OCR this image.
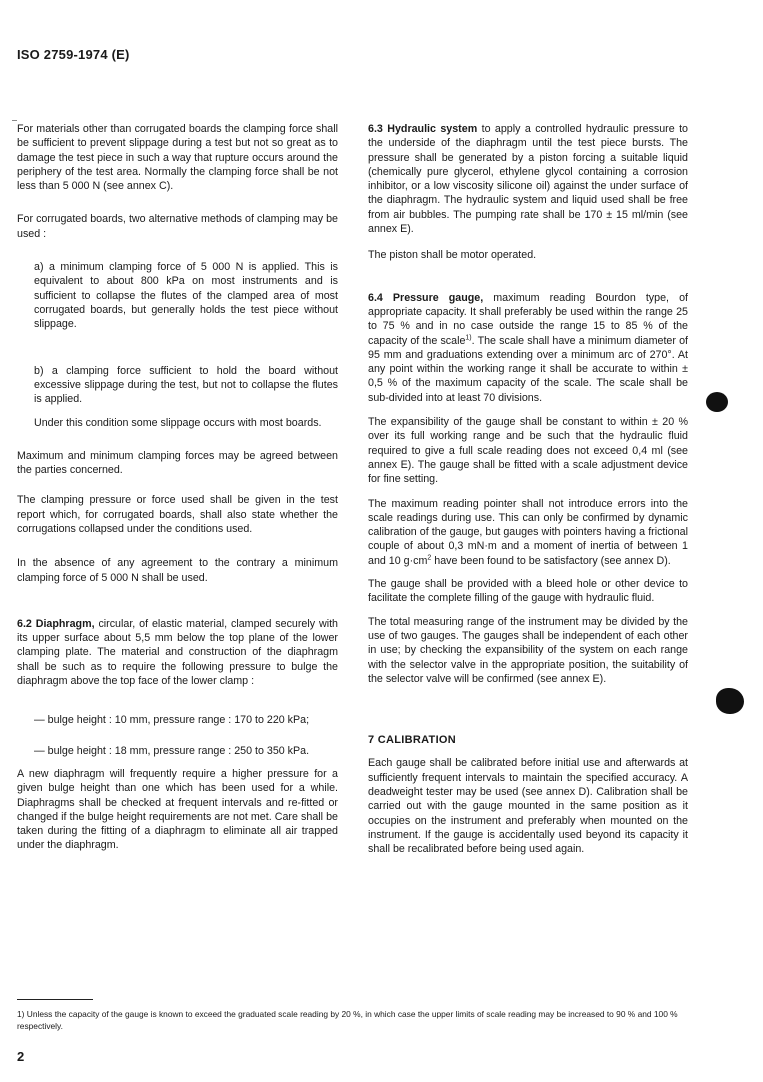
ISO 2759-1974 (E)

For materials other than corrugated boards the clamping force shall be sufficient to prevent slippage during a test but not so great as to damage the test piece in such a way that rupture occurs around the periphery of the test area. Normally the clamping force shall be not less than 5 000 N (see annex C).

For corrugated boards, two alternative methods of clamping may be used :

a) a minimum clamping force of 5 000 N is applied. This is equivalent to about 800 kPa on most instruments and is sufficient to collapse the flutes of the clamped area of most corrugated boards, but generally holds the test piece without slippage.

b) a clamping force sufficient to hold the board without excessive slippage during the test, but not to collapse the flutes is applied.

Under this condition some slippage occurs with most boards.

Maximum and minimum clamping forces may be agreed between the parties concerned.

The clamping pressure or force used shall be given in the test report which, for corrugated boards, shall also state whether the corrugations collapsed under the conditions used.

In the absence of any agreement to the contrary a minimum clamping force of 5 000 N shall be used.

6.2 Diaphragm, circular, of elastic material, clamped securely with its upper surface about 5,5 mm below the top plane of the lower clamping plate. The material and construction of the diaphragm shall be such as to require the following pressure to bulge the diaphragm above the top face of the lower clamp :

— bulge height : 10 mm, pressure range : 170 to 220 kPa;

— bulge height : 18 mm, pressure range : 250 to 350 kPa.

A new diaphragm will frequently require a higher pressure for a given bulge height than one which has been used for a while. Diaphragms shall be checked at frequent intervals and re-fitted or changed if the bulge height requirements are not met. Care shall be taken during the fitting of a diaphragm to eliminate all air trapped under the diaphragm.

6.3 Hydraulic system to apply a controlled hydraulic pressure to the underside of the diaphragm until the test piece bursts. The pressure shall be generated by a piston forcing a suitable liquid (chemically pure glycerol, ethylene glycol containing a corrosion inhibitor, or a low viscosity silicone oil) against the under surface of the diaphragm. The hydraulic system and liquid used shall be free from air bubbles. The pumping rate shall be 170 ± 15 ml/min (see annex E).

The piston shall be motor operated.

6.4 Pressure gauge, maximum reading Bourdon type, of appropriate capacity. It shall preferably be used within the range 25 to 75 % and in no case outside the range 15 to 85 % of the capacity of the scale$^{1)}$. The scale shall have a minimum diameter of 95 mm and graduations extending over a minimum arc of 270°. At any point within the working range it shall be accurate to within ± 0,5 % of the maximum capacity of the scale. The scale shall be sub-divided into at least 70 divisions.

The expansibility of the gauge shall be constant to within ± 20 % over its full working range and be such that the hydraulic fluid required to give a full scale reading does not exceed 0,4 ml (see annex E). The gauge shall be fitted with a scale adjustment device for fine setting.

The maximum reading pointer shall not introduce errors into the scale readings during use. This can only be confirmed by dynamic calibration of the gauge, but gauges with pointers having a frictional couple of about 0,3 mN·m and a moment of inertia of between 1 and 10 $g\cdot cm^2$ have been found to be satisfactory (see annex D).

The gauge shall be provided with a bleed hole or other device to facilitate the complete filling of the gauge with hydraulic fluid.

The total measuring range of the instrument may be divided by the use of two gauges. The gauges shall be independent of each other in use; by checking the expansibility of the system on each range with the selector valve in the appropriate position, the suitability of the selector valve will be confirmed (see annex E).

7 CALIBRATION

Each gauge shall be calibrated before initial use and afterwards at sufficiently frequent intervals to maintain the specified accuracy. A deadweight tester may be used (see annex D). Calibration shall be carried out with the gauge mounted in the same position as it occupies on the instrument and preferably when mounted on the instrument. If the gauge is accidentally used beyond its capacity it shall be recalibrated before being used again.

1) Unless the capacity of the gauge is known to exceed the graduated scale reading by 20 %, in which case the upper limits of scale reading may be increased to 90 % and 100 % respectively.
2
